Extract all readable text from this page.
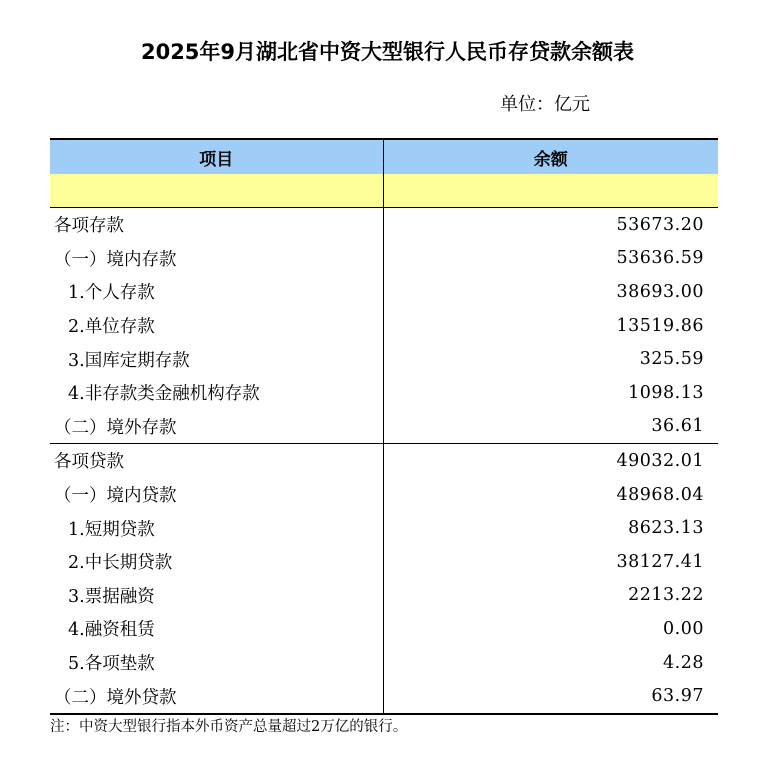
2025年9月湖北省中资大型银行人民币存贷款余额表
单位：亿元
项目	余额

各项存款	53673.20
（一）境内存款	53636.59
1.个人存款	38693.00
2.单位存款	13519.86
3.国库定期存款	325.59
4.非存款类金融机构存款	1098.13
（二）境外存款	36.61
各项贷款	49032.01
（一）境内贷款	48968.04
1.短期贷款	8623.13
2.中长期贷款	38127.41
3.票据融资	2213.22
4.融资租赁	0.00
5.各项垫款	4.28
（二）境外贷款	63.97
注：中资大型银行指本外币资产总量超过2万亿的银行。
